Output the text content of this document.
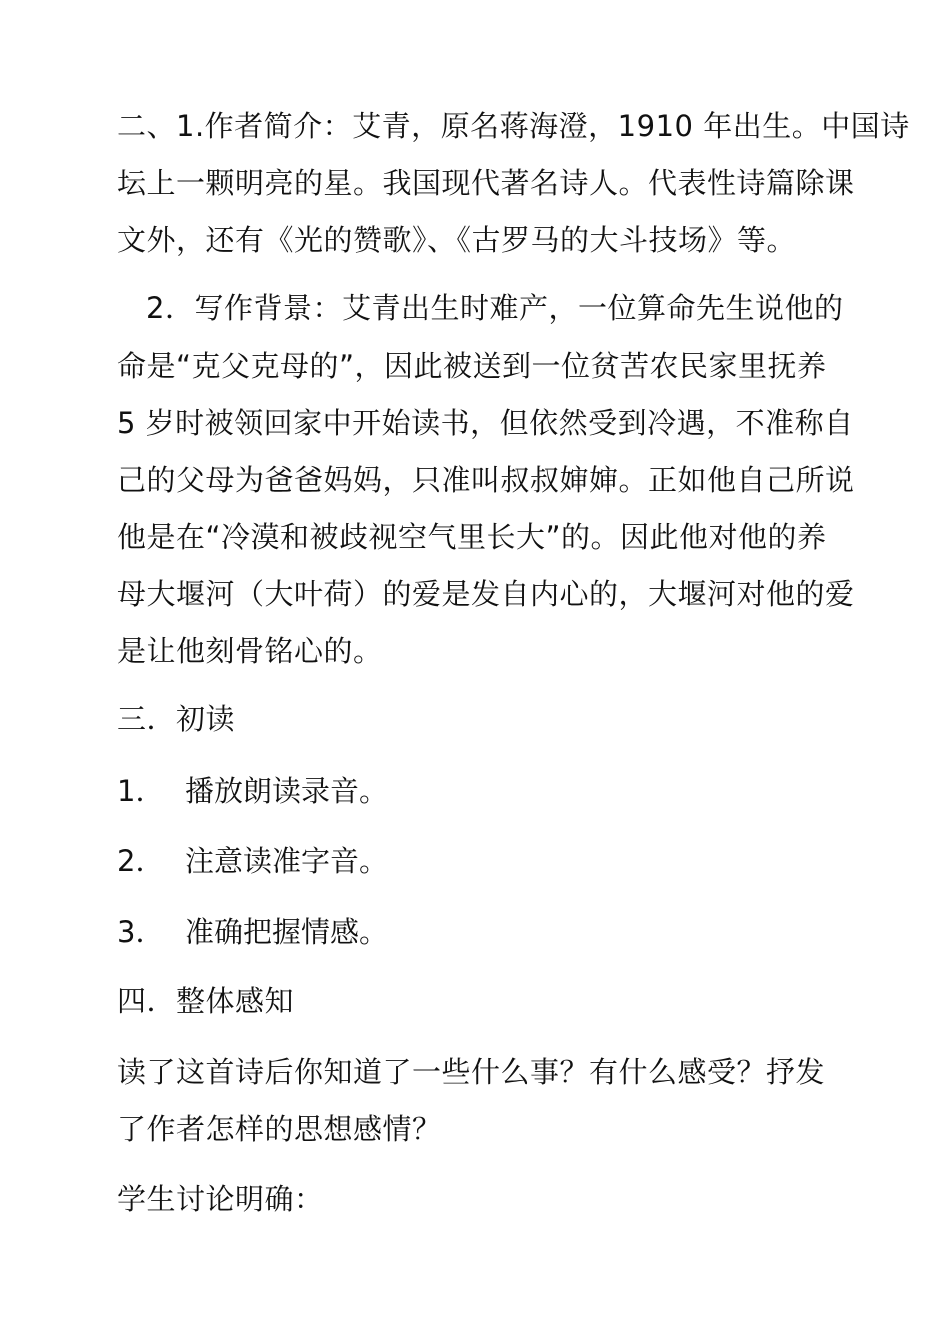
二、1.作者简介：艾青，原名蒋海澄，1910 年出生。中国诗
坛上一颗明亮的星。我国现代著名诗人。代表性诗篇除课
文外，还有《光的赞歌》、《古罗马的大斗技场》等。
2．写作背景：艾青出生时难产，一位算命先生说他的
命是“克父克母的”，因此被送到一位贫苦农民家里抚养
5 岁时被领回家中开始读书，但依然受到冷遇，不准称自
己的父母为爸爸妈妈，只准叫叔叔婶婶。正如他自己所说
他是在“冷漠和被歧视空气里长大”的。因此他对他的养
母大堰河（大叶荷）的爱是发自内心的，大堰河对他的爱
是让他刻骨铭心的。
三．初读
1． 播放朗读录音。
2． 注意读准字音。
3． 准确把握情感。
四．整体感知
读了这首诗后你知道了一些什么事？有什么感受？抒发
了作者怎样的思想感情？
学生讨论明确：
